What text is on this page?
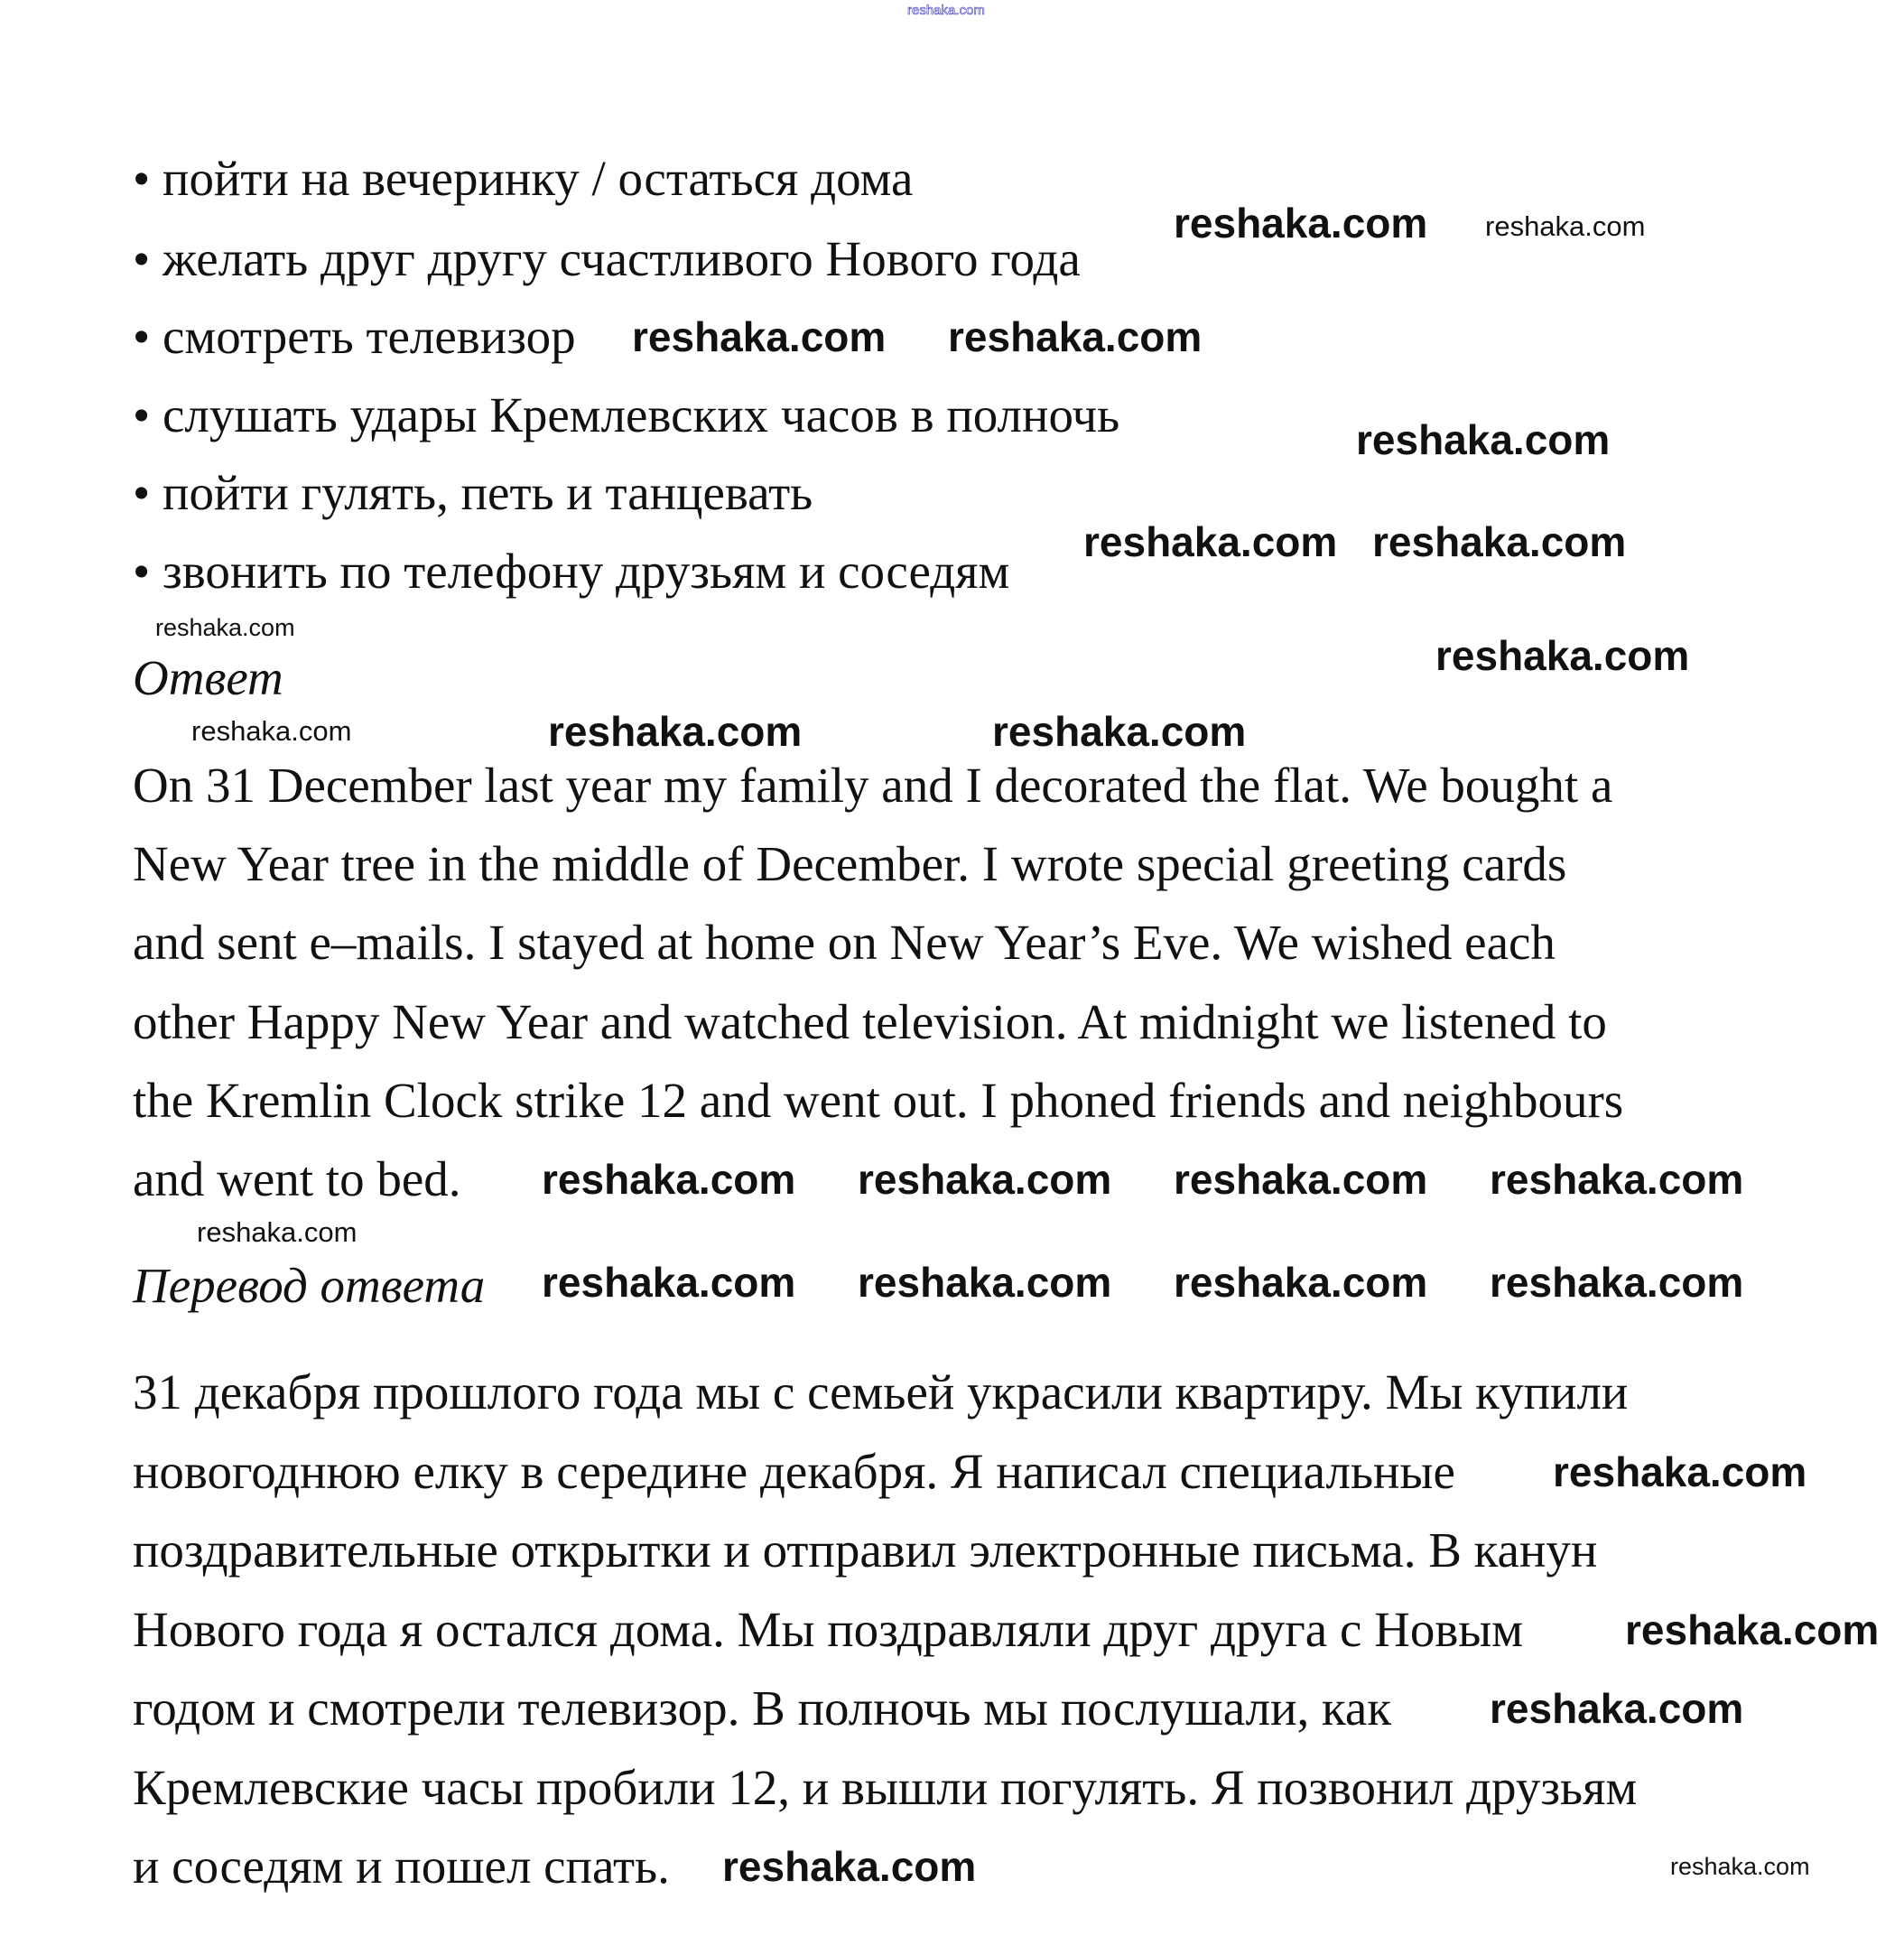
reshaka.com
• пойти на вечеринку / остаться дома
• желать друг другу счастливого Нового года
• смотреть телевизор
• слушать удары Кремлевских часов в полночь
• пойти гулять, петь и танцевать
• звонить по телефону друзьям и соседям
Ответ
On 31 December last year my family and I decorated the flat. We bought a
New Year tree in the middle of December. I wrote special greeting cards
and sent e–mails. I stayed at home on New Year’s Eve. We wished each
other Happy New Year and watched television. At midnight we listened to
the Kremlin Clock strike 12 and went out. I phoned friends and neighbours
and went to bed.
Перевод ответа
31 декабря прошлого года мы с семьей украсили квартиру. Мы купили
новогоднюю елку в середине декабря. Я написал специальные
поздравительные открытки и отправил электронные письма. В канун
Нового года я остался дома. Мы поздравляли друг друга с Новым
годом и смотрели телевизор. В полночь мы послушали, как
Кремлевские часы пробили 12, и вышли погулять. Я позвонил друзьям
и соседям и пошел спать.
reshaka.com reshaka.com
reshaka.com reshaka.com
reshaka.com
reshaka.com reshaka.com
reshaka.com
reshaka.com
reshaka.com	reshaka.com	reshaka.com
reshaka.com reshaka.com
reshaka.com
reshaka.com reshaka.com
reshaka.com
reshaka.com	reshaka.com reshaka.com
reshaka.com
reshaka.com
reshaka.com
reshaka.com
reshaka.com
